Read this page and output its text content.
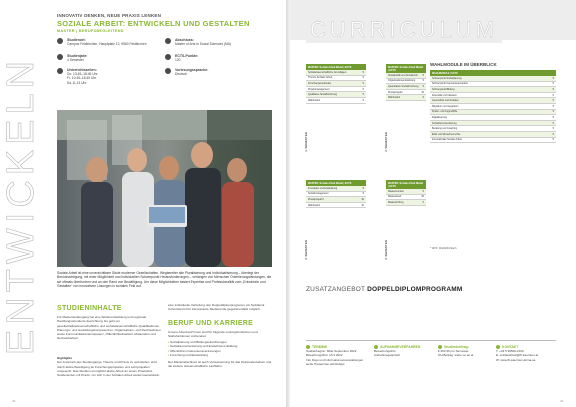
ENTWICKELN
INNOVATIV DENKEN, NEUE PRAXIS LENKEN
SOZIALE ARBEIT: ENTWICKELN UND GESTALTEN
MASTER | BERUFSBEGLEITEND
Studienort:
Campus Feldkirchen, Hauptplatz 12, 9560 Feldkirchen
Studienjahr:
4 Semester
Unterrichtszeiten:
Do. 13:45–18:45 Uhr
Fr. 10:45–18:45 Uhr
Sa. 8–13 Uhr
Abschluss:
Master of Arts in Social Sciences (MA)
ECTS-Punkte:
120
Vorlesungssprache:
Deutsch
Soziale Arbeit ist eine unverzichtbare Säule moderner Gesellschaften. Wegbereiter alle Pluralisierung und Individualisierung – überlegt der Berücksichtigung, mit einer Möglichkeit und individuellen Schwerpunkt Herausforderungen – verlangen von Menschen Orientierungsleistungen, die sie oftmals überfordern und an den Rand von Bewältigung. Um diese Möglichkeiten basiert Expertise und Professionalität zum „Entwickeln und Gestalten“ von innovativen Lösungen in sozialen Feld auf.
STUDIENINHALTE
Für Masterstudiengang hat eine Weiterentwicklung und regionale Handlungsorientierte Ausrichtung. Es geht um gesellschaftswissenschaftliche und sozialwissenschaftliche Qualifikationen, Planungs- und Gestaltungskompetenzen, Organisations- und Rechtswissen sowie Kommunikationskompetenz, Öffentlichkeitsarbeit, Moderation und Netzwerkarbeit.
Highlights
Der Anspruch des Studiengangs, Theorie und Praxis zu verknüpfen, wird durch aktive Beteiligung an Forschungsprojekten und Lehrprojekten umgesetzt. Das Studium ermöglicht aktive Arbeit an einem Praxisfeld, Studierenden mit Praxis, um sich in der Sozialen Arbeit weiterzuentwickeln.
eine individuelle Vertiefung. Ein Doppeldiplomprogramm mit Syddansk Universitet ist für interessierte Studierende gegebenenfalls möglich.
BERUF UND KARRIERE
Unsere Absolvent*innen sind für folgende Leitungsfunktionen und Stabsfunktionen vorbereitet:
▪ Sozialplanung und Bildungseinrichtungen
▪ Sozialraumorientierung und Erwachsenenbildung
▪ Öffentlichen Interessensvertretungen
▪ Forschung und Entwicklung
Der Masterabschluss ist auch Voraussetzung für das Doktoratsstudium und die weitere wissenschaftliche Laufbahn.
40
CURRICULUM
1. SEMESTER	2. SEMESTER
3. SEMESTER	4. SEMESTER
MASTER: Soziale Arbeit Modul | ECTS
Sozialwissenschaftliche Grundlagen	5
Theorie Sozialer Arbeit	5
Forschungsmethoden	5
Projektmanagement	5
Qualitative Sozialforschung	5
Wahlmodul	5
MASTER: Soziale Arbeit Modul | ECTS
Sozialpolitik und Sozialrecht 5
Organisationsentwicklung	5
Quantitative Sozialforschung 5
Praxisprojekt I	10
Wahlmodul	5
MASTER: Soziale Arbeit Modul | ECTS
Innovation und Entwicklung	5
Sozialmanagement	5
Praxisprojekt II	10
Wahlmodul	10
MASTER: Soziale Arbeit Modul | ECTS
Masterseminar	5
Masterarbeit	20
Masterprüfung	5
WAHLMODULE IM ÜBERBLICK
WAHLMODULE | ECTS
Schwerpunkt Sozialplanung	5
Schwerpunkt Gemeinwesenarbeit	5
Schwerpunkt Bildung	5
Diversität und Inklusion	5
Gesundheit und Soziales	5
Migration und Integration	5
Kinder- und Jugendhilfe	5
Digitalisierung	5
Sozialraumorientierung	5
Beratung und Coaching	5
Ethik und Menschenrechte	5
Internationale Soziale Arbeit	5
* WPF: Wahlpflichtfach
ZUSATZANGEBOT DOPPELDIPLOMPROGRAMM
TERMINE
Studienbeginn: Mitte September 2022
Bewerbungsfrist: 15.4.2022
Info Days und Informationsveranstaltungen
siehe fh-kaernten.at/infodays
AUFNAHMEVERFAHREN
Bewerbungsfrist
Aufnahmegespräch
Studienbeitrag:
€ 363,36 pro Semester
ÖH-Beitrag: siehe oe.ac.at
KONTAKT
T: +43 5 90500-2100
E: sozialearbeit@fh-kaernten.at
W: www.fh-kaernten.at/ma-sa
41
